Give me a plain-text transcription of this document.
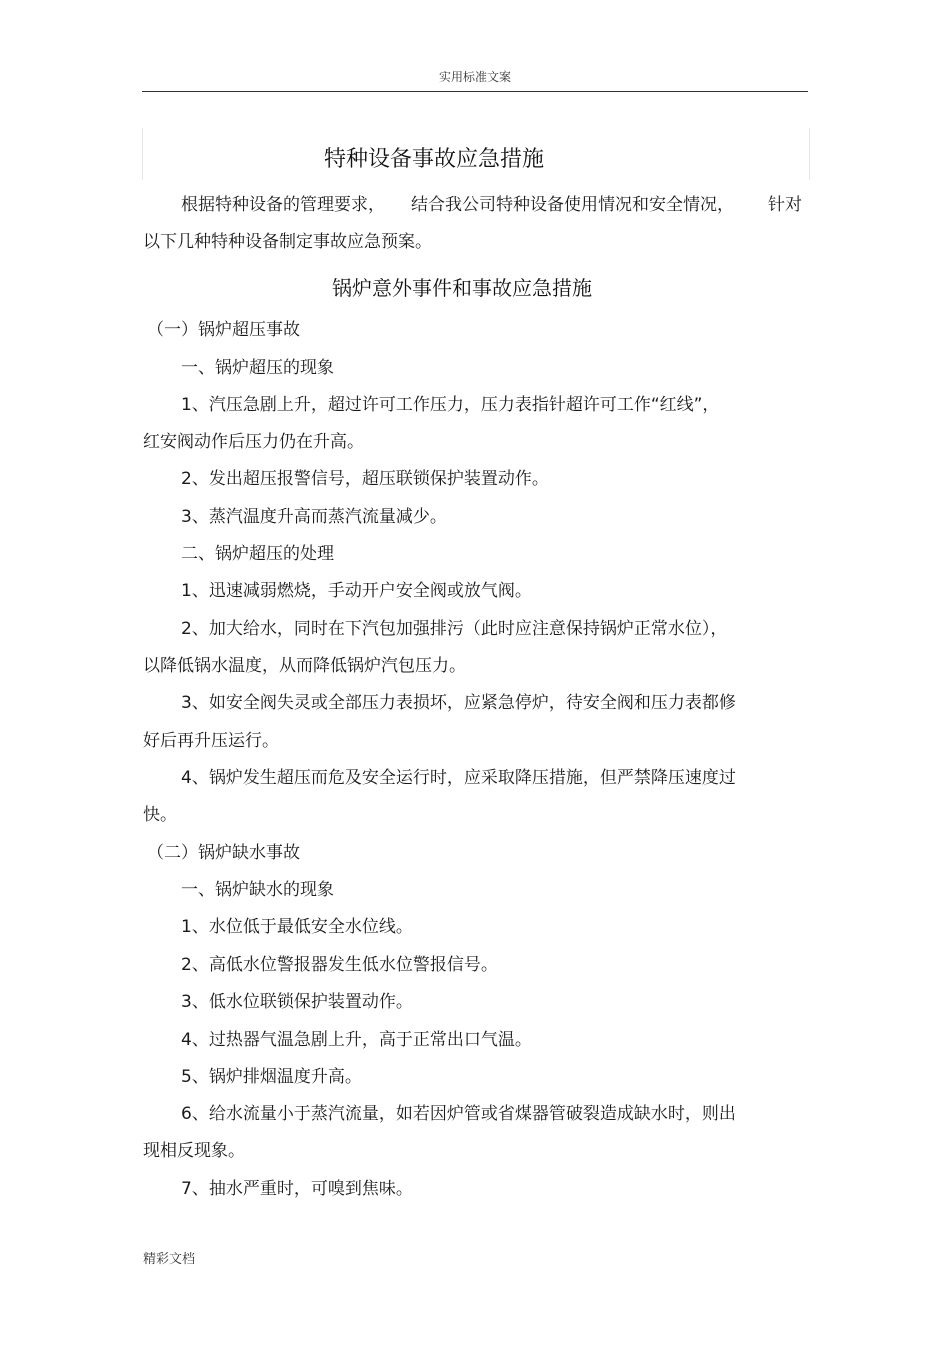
实用标准文案
特种设备事故应急措施
根据特种设备的管理要求， 结合我公司特种设备使用情况和安全情况， 针对
以下几种特种设备制定事故应急预案。
锅炉意外事件和事故应急措施
（一）锅炉超压事故
一、锅炉超压的现象
1、汽压急剧上升，超过许可工作压力，压力表指针超许可工作“红线”，
红安阀动作后压力仍在升高。
2、发出超压报警信号，超压联锁保护装置动作。
3、蒸汽温度升高而蒸汽流量减少。
二、锅炉超压的处理
1、迅速减弱燃烧，手动开户安全阀或放气阀。
2、加大给水，同时在下汽包加强排污（此时应注意保持锅炉正常水位），
以降低锅水温度，从而降低锅炉汽包压力。
3、如安全阀失灵或全部压力表损坏，应紧急停炉，待安全阀和压力表都修
好后再升压运行。
4、锅炉发生超压而危及安全运行时，应采取降压措施，但严禁降压速度过
快。
（二）锅炉缺水事故
一、锅炉缺水的现象
1、水位低于最低安全水位线。
2、高低水位警报器发生低水位警报信号。
3、低水位联锁保护装置动作。
4、过热器气温急剧上升，高于正常出口气温。
5、锅炉排烟温度升高。
6、给水流量小于蒸汽流量，如若因炉管或省煤器管破裂造成缺水时，则出
现相反现象。
7、抽水严重时，可嗅到焦味。
精彩文档
